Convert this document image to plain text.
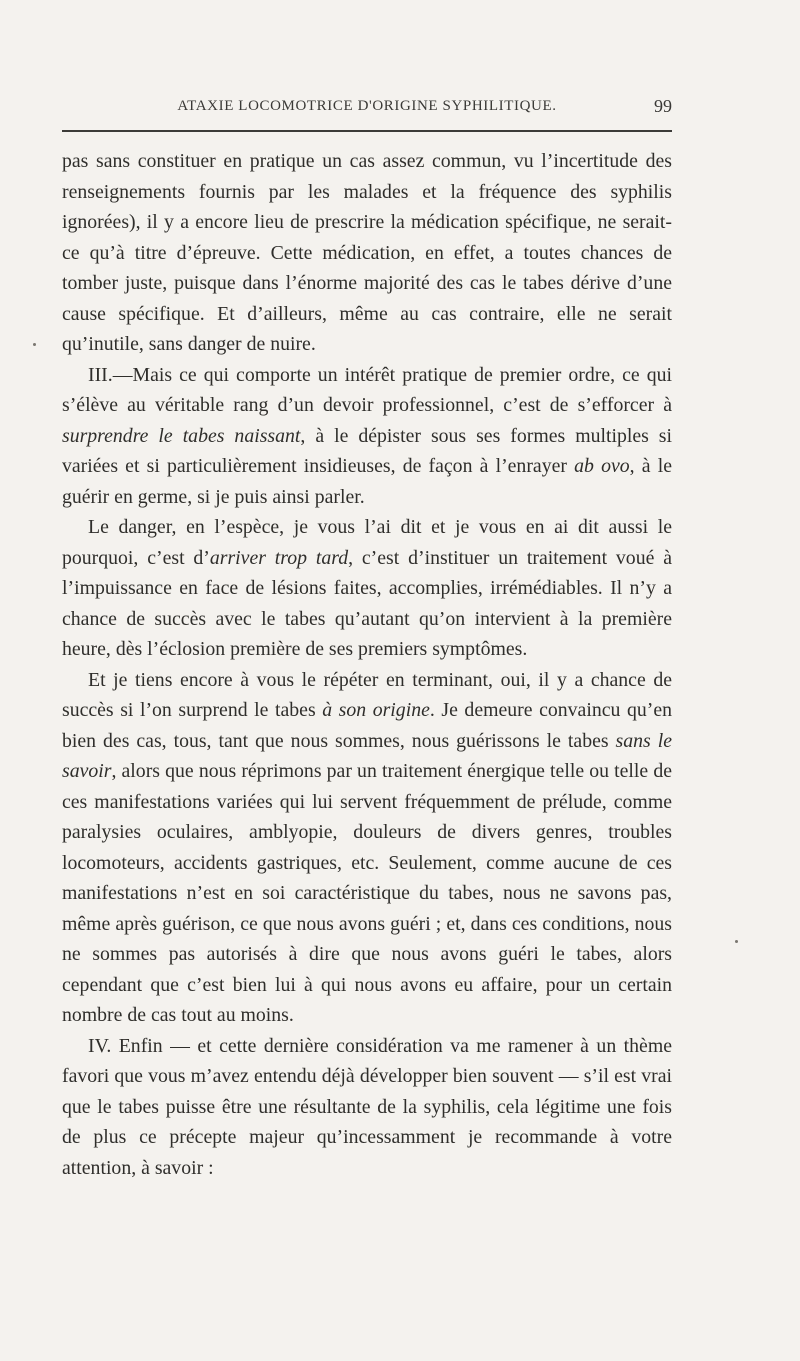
ATAXIE LOCOMOTRICE D'ORIGINE SYPHILITIQUE.	99

pas sans constituer en pratique un cas assez commun, vu l’incertitude des renseignements fournis par les malades et la fréquence des syphilis ignorées), il y a encore lieu de prescrire la médication spécifique, ne serait-ce qu’à titre d’épreuve. Cette médication, en effet, a toutes chances de tomber juste, puisque dans l’énorme majorité des cas le tabes dérive d’une cause spécifique. Et d’ailleurs, même au cas contraire, elle ne serait qu’inutile, sans danger de nuire.

III.—Mais ce qui comporte un intérêt pratique de premier ordre, ce qui s’élève au véritable rang d’un devoir professionnel, c’est de s’efforcer à surprendre le tabes naissant, à le dépister sous ses formes multiples si variées et si particulièrement insidieuses, de façon à l’enrayer ab ovo, à le guérir en germe, si je puis ainsi parler.

Le danger, en l’espèce, je vous l’ai dit et je vous en ai dit aussi le pourquoi, c’est d’arriver trop tard, c’est d’instituer un traitement voué à l’impuissance en face de lésions faites, accomplies, irrémédiables. Il n’y a chance de succès avec le tabes qu’autant qu’on intervient à la première heure, dès l’éclosion première de ses premiers symptômes.

Et je tiens encore à vous le répéter en terminant, oui, il y a chance de succès si l’on surprend le tabes à son origine. Je demeure convaincu qu’en bien des cas, tous, tant que nous sommes, nous guérissons le tabes sans le savoir, alors que nous réprimons par un traitement énergique telle ou telle de ces manifestations variées qui lui servent fréquemment de prélude, comme paralysies oculaires, amblyopie, douleurs de divers genres, troubles locomoteurs, accidents gastriques, etc. Seulement, comme aucune de ces manifestations n’est en soi caractéristique du tabes, nous ne savons pas, même après guérison, ce que nous avons guéri ; et, dans ces conditions, nous ne sommes pas autorisés à dire que nous avons guéri le tabes, alors cependant que c’est bien lui à qui nous avons eu affaire, pour un certain nombre de cas tout au moins.

IV. Enfin — et cette dernière considération va me ramener à un thème favori que vous m’avez entendu déjà développer bien souvent — s’il est vrai que le tabes puisse être une résultante de la syphilis, cela légitime une fois de plus ce précepte majeur qu’incessamment je recommande à votre attention, à savoir :
